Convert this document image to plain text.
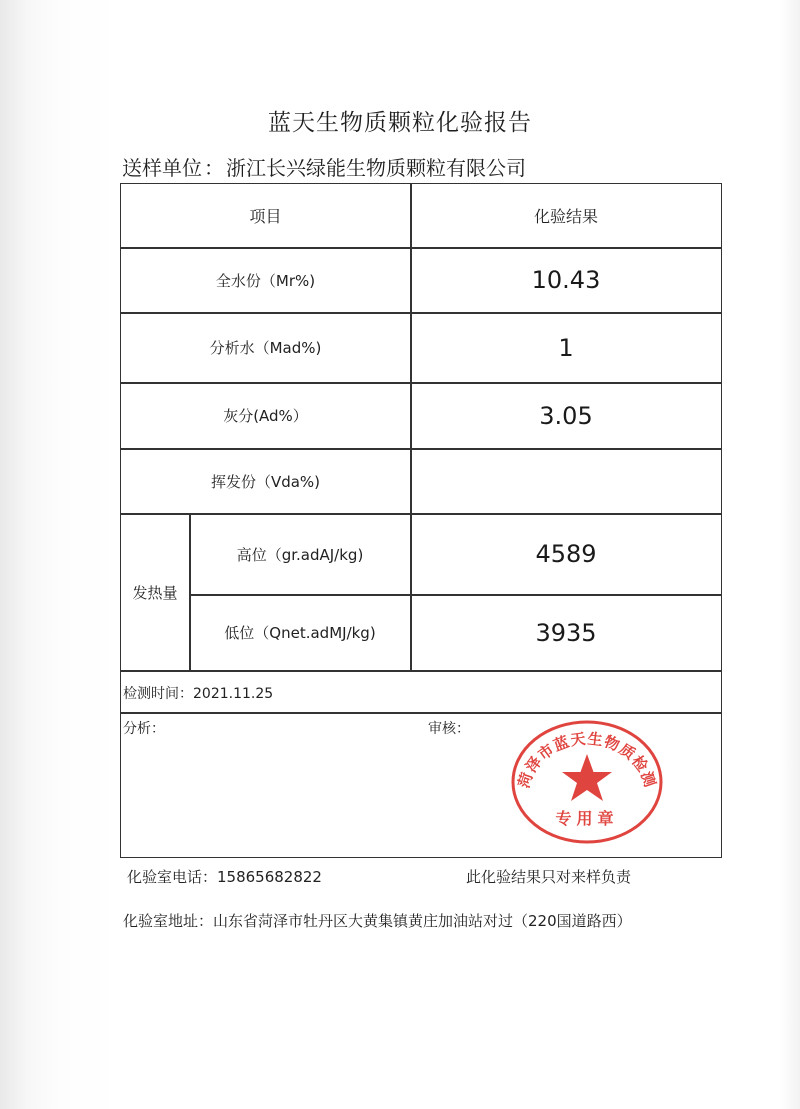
蓝天生物质颗粒化验报告
送样单位 ： 浙江长兴绿能生物质颗粒有限公司
项目	化验结果
全水份（Mr%)	10.43
分析水（Mad%)	1
灰分(Ad%）	3.05
挥发份（Vda%)
发热量
高位（gr.adAJ/kg)	4589
低位（Qnet.adMJ/kg)	3935
检测时间：2021.11.25
分析：	审核：
菏泽市蓝天生物质检测
专用章
化验室电话：15865682822	此化验结果只对来样负责
化验室地址：山东省菏泽市牡丹区大黄集镇黄庄加油站对过（220国道路西）
